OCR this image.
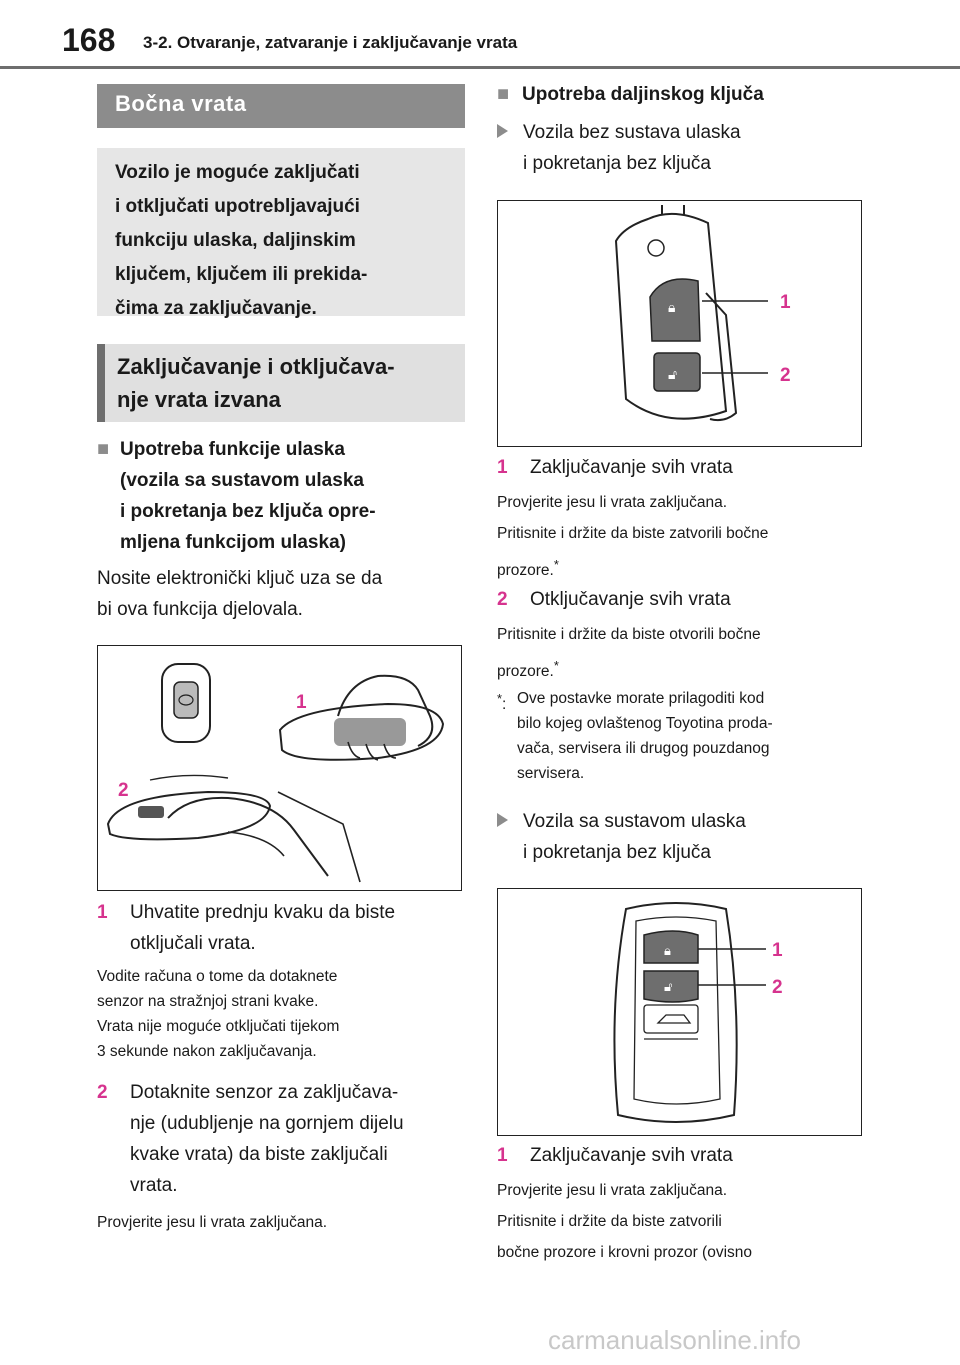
168 3-2. Otvaranje, zatvaranje i zaključavanje vrata
Bočna vrata
Vozilo je moguće zaključati
i otključati upotrebljavajući
funkciju ulaska, daljinskim
ključem, ključem ili prekida-
čima za zaključavanje.
Zaključavanje i otključava-
nje vrata izvana
■ Upotreba funkcije ulaska
(vozila sa sustavom ulaska
i pokretanja bez ključa opre-
mljena funkcijom ulaska)
Nosite elektronički ključ uza se da
bi ova funkcija djelovala.
1
2
1 Uhvatite prednju kvaku da biste
otključali vrata.
Vodite računa o tome da dotaknete
senzor na stražnjoj strani kvake.
Vrata nije moguće otključati tijekom
3 sekunde nakon zaključavanja.
2 Dotaknite senzor za zaključava-
nje (udubljenje na gornjem dijelu
kvake vrata) da biste zaključali
vrata.
Provjerite jesu li vrata zaključana.
■ Upotreba daljinskog ključa
Vozila bez sustava ulaska
i pokretanja bez ključa
🔒︎
🔓︎
1
2
1 Zaključavanje svih vrata
Provjerite jesu li vrata zaključana.
Pritisnite i držite da biste zatvorili bočne
prozore.*
2 Otključavanje svih vrata
Pritisnite i držite da biste otvorili bočne
prozore.*
*: Ove postavke morate prilagoditi kod
bilo kojeg ovlaštenog Toyotina proda-
vača, servisera ili drugog pouzdanog
servisera.
Vozila sa sustavom ulaska
i pokretanja bez ključa
🔒︎
🔓︎
1
2
1 Zaključavanje svih vrata
Provjerite jesu li vrata zaključana.
Pritisnite i držite da biste zatvorili
bočne prozore i krovni prozor (ovisno
carmanualsonline.info
